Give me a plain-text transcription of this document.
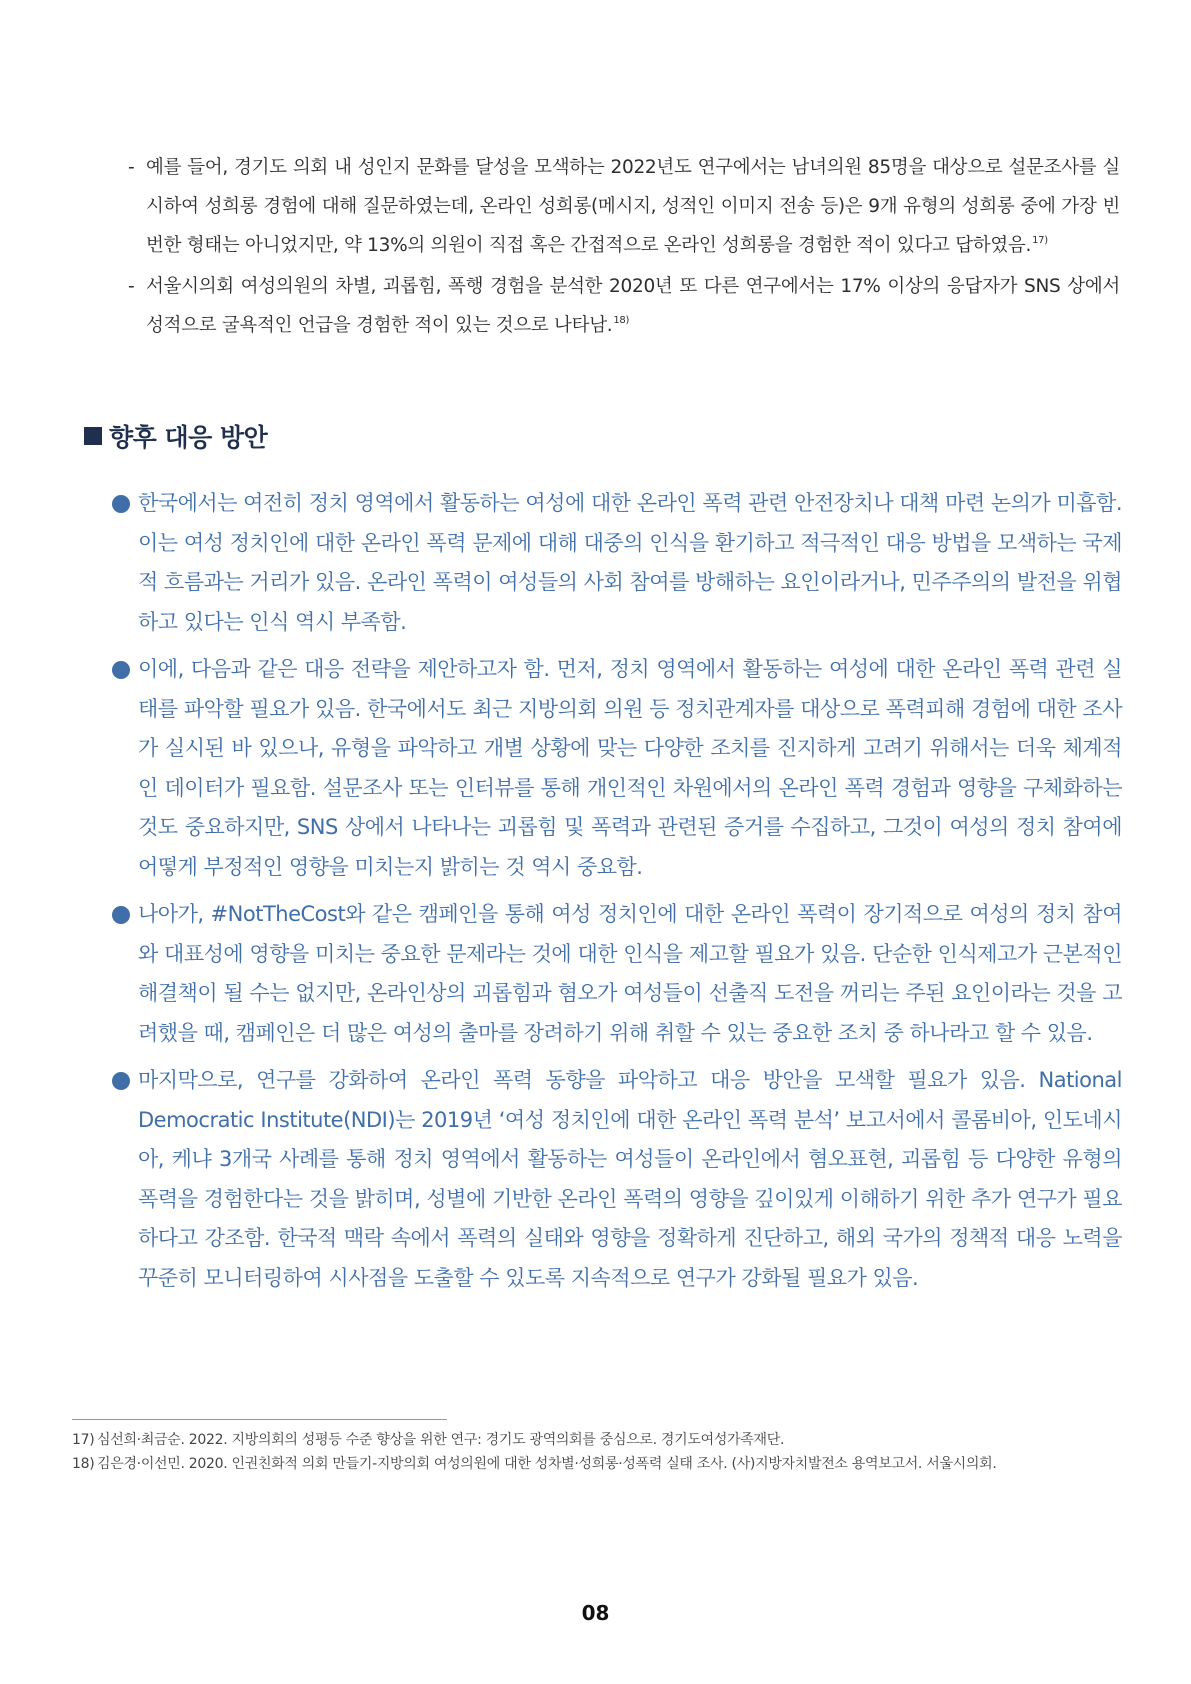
- 예를 들어, 경기도 의회 내 성인지 문화를 달성을 모색하는 2022년도 연구에서는 남녀의원 85명을 대상으로 설문조사를 실시하여 성희롱 경험에 대해 질문하였는데, 온라인 성희롱(메시지, 성적인 이미지 전송 등)은 9개 유형의 성희롱 중에 가장 빈번한 형태는 아니었지만, 약 13%의 의원이 직접 혹은 간접적으로 온라인 성희롱을 경험한 적이 있다고 답하였음.$^{17)}$
- 서울시의회 여성의원의 차별, 괴롭힘, 폭행 경험을 분석한 2020년 또 다른 연구에서는 17% 이상의 응답자가 SNS 상에서 성적으로 굴욕적인 언급을 경험한 적이 있는 것으로 나타남.$^{18)}$
향후 대응 방안
한국에서는 여전히 정치 영역에서 활동하는 여성에 대한 온라인 폭력 관련 안전장치나 대책 마련 논의가 미흡함. 이는 여성 정치인에 대한 온라인 폭력 문제에 대해 대중의 인식을 환기하고 적극적인 대응 방법을 모색하는 국제적 흐름과는 거리가 있음. 온라인 폭력이 여성들의 사회 참여를 방해하는 요인이라거나, 민주주의의 발전을 위협하고 있다는 인식 역시 부족함.
이에, 다음과 같은 대응 전략을 제안하고자 함. 먼저, 정치 영역에서 활동하는 여성에 대한 온라인 폭력 관련 실태를 파악할 필요가 있음. 한국에서도 최근 지방의회 의원 등 정치관계자를 대상으로 폭력피해 경험에 대한 조사가 실시된 바 있으나, 유형을 파악하고 개별 상황에 맞는 다양한 조치를 진지하게 고려기 위해서는 더욱 체계적인 데이터가 필요함. 설문조사 또는 인터뷰를 통해 개인적인 차원에서의 온라인 폭력 경험과 영향을 구체화하는 것도 중요하지만, SNS 상에서 나타나는 괴롭힘 및 폭력과 관련된 증거를 수집하고, 그것이 여성의 정치 참여에 어떻게 부정적인 영향을 미치는지 밝히는 것 역시 중요함.
나아가, #NotTheCost와 같은 캠페인을 통해 여성 정치인에 대한 온라인 폭력이 장기적으로 여성의 정치 참여와 대표성에 영향을 미치는 중요한 문제라는 것에 대한 인식을 제고할 필요가 있음. 단순한 인식제고가 근본적인 해결책이 될 수는 없지만, 온라인상의 괴롭힘과 혐오가 여성들이 선출직 도전을 꺼리는 주된 요인이라는 것을 고려했을 때, 캠페인은 더 많은 여성의 출마를 장려하기 위해 취할 수 있는 중요한 조치 중 하나라고 할 수 있음.
마지막으로, 연구를 강화하여 온라인 폭력 동향을 파악하고 대응 방안을 모색할 필요가 있음. National Democratic Institute(NDI)는 2019년 ‘여성 정치인에 대한 온라인 폭력 분석’ 보고서에서 콜롬비아, 인도네시아, 케냐 3개국 사례를 통해 정치 영역에서 활동하는 여성들이 온라인에서 혐오표현, 괴롭힘 등 다양한 유형의 폭력을 경험한다는 것을 밝히며, 성별에 기반한 온라인 폭력의 영향을 깊이있게 이해하기 위한 추가 연구가 필요하다고 강조함. 한국적 맥락 속에서 폭력의 실태와 영향을 정확하게 진단하고, 해외 국가의 정책적 대응 노력을 꾸준히 모니터링하여 시사점을 도출할 수 있도록 지속적으로 연구가 강화될 필요가 있음.
17) 심선희·최금순. 2022. 지방의회의 성평등 수준 향상을 위한 연구: 경기도 광역의회를 중심으로. 경기도여성가족재단.
18) 김은경·이선민. 2020. 인권친화적 의회 만들기-지방의회 여성의원에 대한 성차별·성희롱·성폭력 실태 조사. (사)지방자치발전소 용역보고서. 서울시의회.
08
